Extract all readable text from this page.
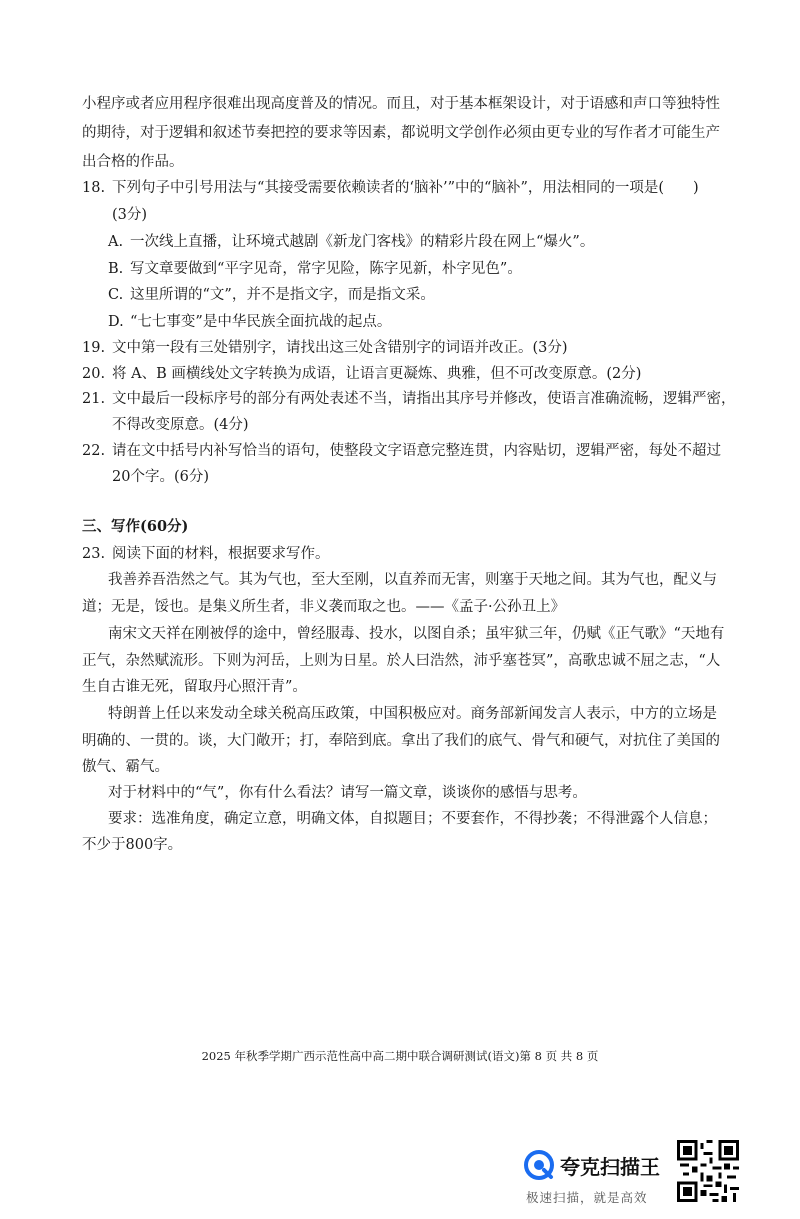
小程序或者应用程序很难出现高度普及的情况。而且，对于基本框架设计，对于语感和声口等独特性
的期待，对于逻辑和叙述节奏把控的要求等因素，都说明文学创作必须由更专业的写作者才可能生产
出合格的作品。
18. 下列句子中引号用法与“其接受需要依赖读者的‘脑补’”中的“脑补”，用法相同的一项是(　　)
(3分)
A. 一次线上直播，让环境式越剧《新龙门客栈》的精彩片段在网上“爆火”。
B. 写文章要做到“平字见奇，常字见险，陈字见新，朴字见色”。
C. 这里所谓的“文”，并不是指文字，而是指文采。
D. “七七事变”是中华民族全面抗战的起点。
19. 文中第一段有三处错别字，请找出这三处含错别字的词语并改正。(3分)
20. 将 A、B 画横线处文字转换为成语，让语言更凝炼、典雅，但不可改变原意。(2分)
21. 文中最后一段标序号的部分有两处表述不当，请指出其序号并修改，使语言准确流畅，逻辑严密，
不得改变原意。(4分)
22. 请在文中括号内补写恰当的语句，使整段文字语意完整连贯，内容贴切，逻辑严密，每处不超过
20个字。(6分)
三、写作(60分)
23. 阅读下面的材料，根据要求写作。
我善养吾浩然之气。其为气也，至大至刚，以直养而无害，则塞于天地之间。其为气也，配义与
道；无是，馁也。是集义所生者，非义袭而取之也。——《孟子·公孙丑上》
南宋文天祥在刚被俘的途中，曾经服毒、投水，以图自杀；虽牢狱三年，仍赋《正气歌》“天地有
正气，杂然赋流形。下则为河岳，上则为日星。於人曰浩然，沛乎塞苍冥”，高歌忠诚不屈之志，“人
生自古谁无死，留取丹心照汗青”。
特朗普上任以来发动全球关税高压政策，中国积极应对。商务部新闻发言人表示，中方的立场是
明确的、一贯的。谈，大门敞开；打，奉陪到底。拿出了我们的底气、骨气和硬气，对抗住了美国的
傲气、霸气。
对于材料中的“气”，你有什么看法？请写一篇文章，谈谈你的感悟与思考。
要求：选准角度，确定立意，明确文体，自拟题目；不要套作，不得抄袭；不得泄露个人信息；
不少于800字。
2025 年秋季学期广西示范性高中高二期中联合调研测试(语文)第 8 页 共 8 页
夸克扫描王
极速扫描，就是高效
